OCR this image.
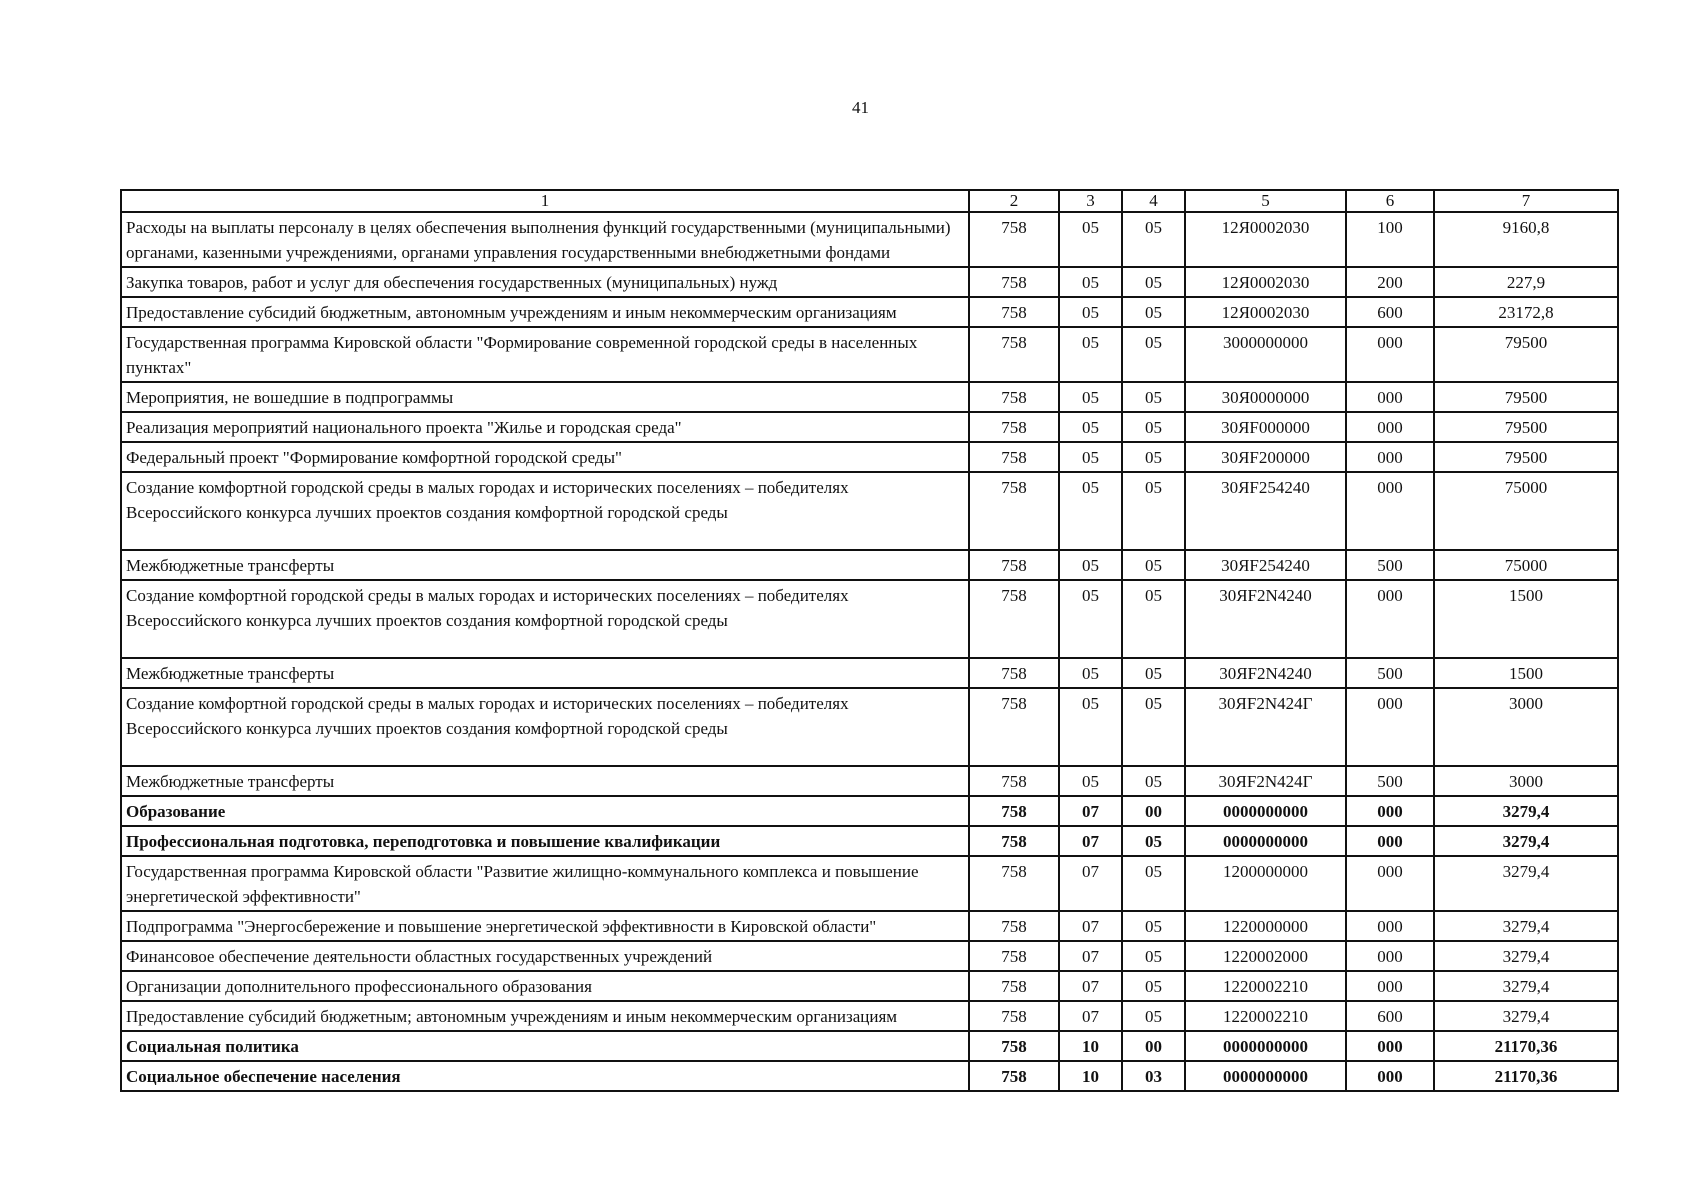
41
1	2	3	4	5	6	7
Расходы на выплаты персоналу в целях обеспечения выполнения функций государственными (муниципальными) органами, казенными учреждениями, органами управления государственными внебюджетными фондами	758	05	05	12Я0002030	100	9160,8
Закупка товаров, работ и услуг для обеспечения государственных (муниципальных) нужд	758	05	05	12Я0002030	200	227,9
Предоставление субсидий бюджетным, автономным учреждениям и иным некоммерческим организациям	758	05	05	12Я0002030	600	23172,8
Государственная программа Кировской области "Формирование современной городской среды в населенных пунктах"	758	05	05	3000000000	000	79500
Мероприятия, не вошедшие в подпрограммы	758	05	05	30Я0000000	000	79500
Реализация мероприятий национального проекта "Жилье и городская среда"	758	05	05	30ЯF000000	000	79500
Федеральный проект "Формирование комфортной городской среды"	758	05	05	30ЯF200000	000	79500
Создание комфортной городской среды в малых городах и исторических поселениях – победителях Всероссийского конкурса лучших проектов создания комфортной городской среды	758	05	05	30ЯF254240	000	75000
Межбюджетные трансферты	758	05	05	30ЯF254240	500	75000
Создание комфортной городской среды в малых городах и исторических поселениях – победителях Всероссийского конкурса лучших проектов создания комфортной городской среды	758	05	05	30ЯF2N4240	000	1500
Межбюджетные трансферты	758	05	05	30ЯF2N4240	500	1500
Создание комфортной городской среды в малых городах и исторических поселениях – победителях Всероссийского конкурса лучших проектов создания комфортной городской среды	758	05	05	30ЯF2N424Г	000	3000
Межбюджетные трансферты	758	05	05	30ЯF2N424Г	500	3000
Образование	758	07	00	0000000000	000	3279,4
Профессиональная подготовка, переподготовка и повышение квалификации	758	07	05	0000000000	000	3279,4
Государственная программа Кировской области "Развитие жилищно-коммунального комплекса и повышение энергетической эффективности"	758	07	05	1200000000	000	3279,4
Подпрограмма "Энергосбережение и повышение энергетической эффективности в Кировской области"	758	07	05	1220000000	000	3279,4
Финансовое обеспечение деятельности областных государственных учреждений	758	07	05	1220002000	000	3279,4
Организации дополнительного профессионального образования	758	07	05	1220002210	000	3279,4
Предоставление субсидий бюджетным; автономным учреждениям и иным некоммерческим организациям	758	07	05	1220002210	600	3279,4
Социальная политика	758	10	00	0000000000	000	21170,36
Социальное обеспечение населения	758	10	03	0000000000	000	21170,36
